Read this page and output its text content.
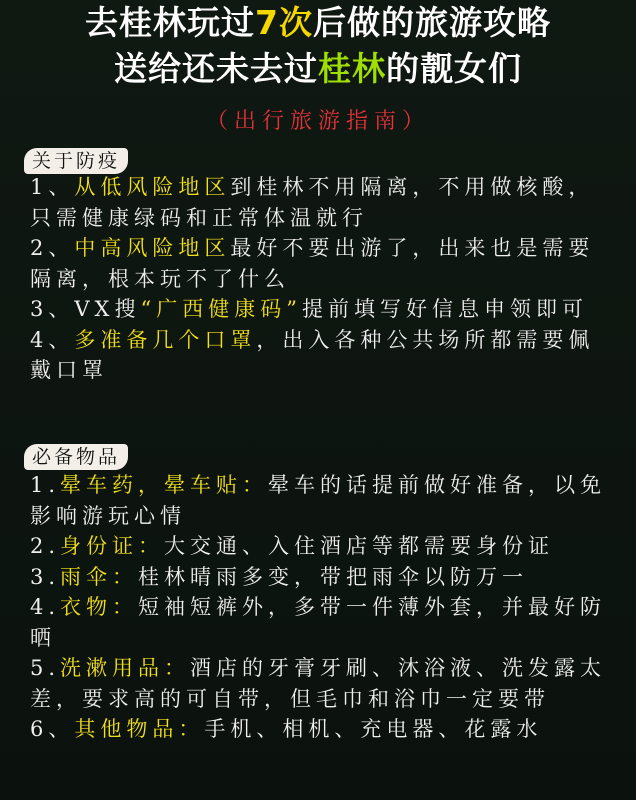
去桂林玩过7次后做的旅游攻略
送给还未去过桂林的靓女们
（出行旅游指南）
关于防疫

1、从低风险地区到桂林不用隔离，不用做核酸，只需健康绿码和正常体温就行

2、中高风险地区最好不要出游了，出来也是需要隔离，根本玩不了什么

3、VX搜“广西健康码”提前填写好信息申领即可

4、多准备几个口罩，出入各种公共场所都需要佩戴口罩

必备物品

1.晕车药，晕车贴：晕车的话提前做好准备，以免影响游玩心情

2.身份证：大交通、入住酒店等都需要身份证

3.雨伞：桂林晴雨多变，带把雨伞以防万一

4.衣物：短袖短裤外，多带一件薄外套，并最好防晒

5.洗漱用品：酒店的牙膏牙刷、沐浴液、洗发露太差，要求高的可自带，但毛巾和浴巾一定要带

6、其他物品：手机、相机、充电器、花露水
